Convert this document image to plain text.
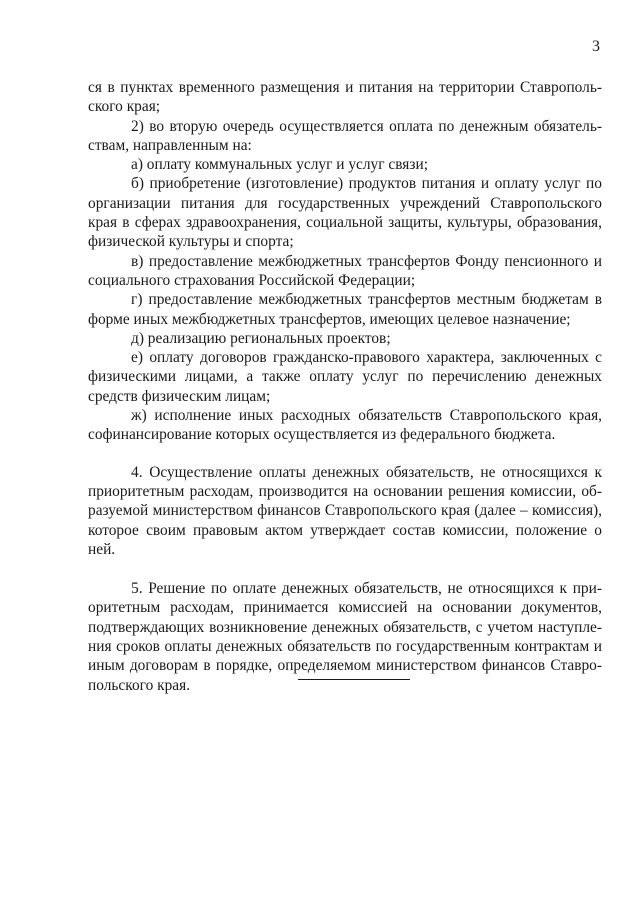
3

ся в пунктах временного размещения и питания на территории Ставрополь-ского края;

2) во вторую очередь осуществляется оплата по денежным обязатель-ствам, направленным на:

а) оплату коммунальных услуг и услуг связи;

б) приобретение (изготовление) продуктов питания и оплату услуг по организации питания для государственных учреждений Ставропольского края в сферах здравоохранения, социальной защиты, культуры, образования, физической культуры и спорта;

в) предоставление межбюджетных трансфертов Фонду пенсионного и социального страхования Российской Федерации;

г) предоставление межбюджетных трансфертов местным бюджетам в форме иных межбюджетных трансфертов, имеющих целевое назначение;

д) реализацию региональных проектов;

е) оплату договоров гражданско-правового характера, заключенных с физическими лицами, а также оплату услуг по перечислению денежных средств физическим лицам;

ж) исполнение иных расходных обязательств Ставропольского края, софинансирование которых осуществляется из федерального бюджета.

4. Осуществление оплаты денежных обязательств, не относящихся к приоритетным расходам, производится на основании решения комиссии, об-разуемой министерством финансов Ставропольского края (далее – комиссия), которое своим правовым актом утверждает состав комиссии, положение о ней.

5. Решение по оплате денежных обязательств, не относящихся к при-оритетным расходам, принимается комиссией на основании документов, подтверждающих возникновение денежных обязательств, с учетом наступле-ния сроков оплаты денежных обязательств по государственным контрактам и иным договорам в порядке, определяемом министерством финансов Ставро-польского края.
